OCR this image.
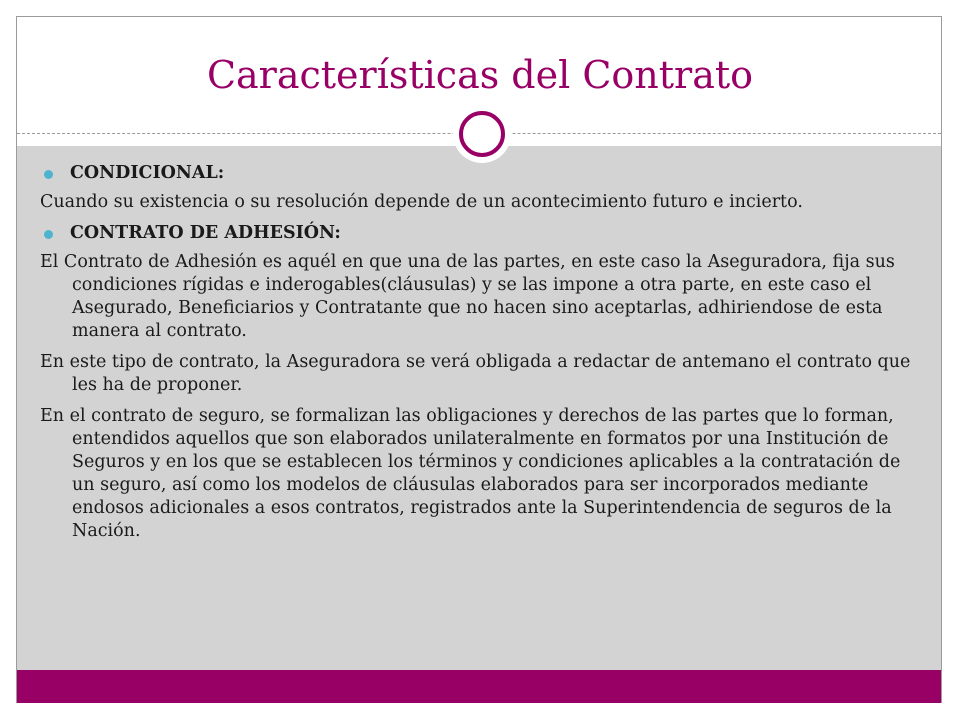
Características del Contrato
CONDICIONAL:
Cuando su existencia o su resolución depende de un acontecimiento futuro e incierto.
CONTRATO DE ADHESIÓN:
El Contrato de Adhesión es aquél en que una de las partes, en este caso la Aseguradora, fija sus condiciones rígidas e inderogables(cláusulas) y se las impone a otra parte, en este caso el Asegurado, Beneficiarios y Contratante que no hacen sino aceptarlas, adhiriendose de esta manera al contrato.
En este tipo de contrato, la Aseguradora se verá obligada a redactar de antemano el contrato que les ha de proponer.
En el contrato de seguro, se formalizan las obligaciones y derechos de las partes que lo forman, entendidos aquellos que son elaborados unilateralmente en formatos por una Institución de Seguros y en los que se establecen los términos y condiciones aplicables a la contratación de un seguro, así como los modelos de cláusulas elaborados para ser incorporados mediante endosos adicionales a esos contratos, registrados ante la Superintendencia de seguros de la Nación.
